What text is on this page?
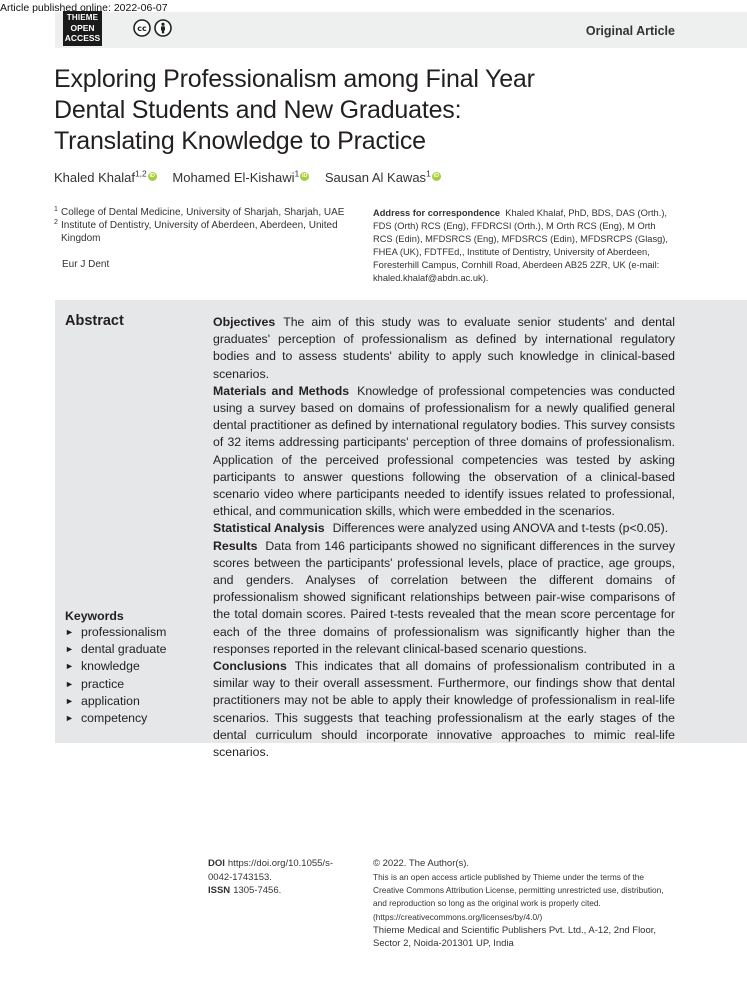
Article published online: 2022-06-07
THIEME
OPEN
ACCESS
cc	Original Article
Exploring Professionalism among Final Year
Dental Students and New Graduates:
Translating Knowledge to Practice
Khaled Khalaf$^{1,2}$ iD Mohamed El-Kishawi$^1$ iD Sausan Al Kawas$^1$ iD
1 College of Dental Medicine, University of Sharjah, Sharjah, UAE
2 Institute of Dentistry, University of Aberdeen, Aberdeen, United Kingdom
Eur J Dent
Address for correspondence Khaled Khalaf, PhD, BDS, DAS (Orth.), FDS (Orth) RCS (Eng), FFDRCSI (Orth.), M Orth RCS (Eng), M Orth RCS (Edin), MFDSRCS (Eng), MFDSRCS (Edin), MFDSRCPS (Glasg), FHEA (UK), FDTFEd,, Institute of Dentistry, University of Aberdeen, Foresterhill Campus, Cornhill Road, Aberdeen AB25 2ZR, UK (e-mail: khaled.khalaf@abdn.ac.uk).
Abstract	Objectives The aim of this study was to evaluate senior students' and dental graduates' perception of professionalism as defined by international regulatory bodies and to assess students' ability to apply such knowledge in clinical-based scenarios.

Materials and Methods Knowledge of professional competencies was conducted using a survey based on domains of professionalism for a newly qualified general dental practitioner as defined by international regulatory bodies. This survey consists of 32 items addressing participants' perception of three domains of professionalism. Application of the perceived professional competencies was tested by asking participants to answer questions following the observation of a clinical-based scenario video where participants needed to identify issues related to professional, ethical, and communication skills, which were embedded in the scenarios.

Statistical Analysis Differences were analyzed using ANOVA and t-tests (p<0.05).

Results Data from 146 participants showed no significant differences in the survey scores between the participants' professional levels, place of practice, age groups, and genders. Analyses of correlation between the different domains of professionalism showed significant relationships between pair-wise comparisons of the total domain scores. Paired t-tests revealed that the mean score percentage for each of the three domains of professionalism was significantly higher than the responses reported in the relevant clinical-based scenario questions.

Conclusions This indicates that all domains of professionalism contributed in a similar way to their overall assessment. Furthermore, our findings show that dental practitioners may not be able to apply their knowledge of professionalism in real-life scenarios. This suggests that teaching professionalism at the early stages of the dental curriculum should incorporate innovative approaches to mimic real-life scenarios.

Keywords
► professionalism
► dental graduate
► knowledge
► practice
► application
► competency
DOI https://doi.org/10.1055/s-0042-1743153.
ISSN 1305-7456.
© 2022. The Author(s).
This is an open access article published by Thieme under the terms of the Creative Commons Attribution License, permitting unrestricted use, distribution, and reproduction so long as the original work is properly cited. (https://creativecommons.org/licenses/by/4.0/)
Thieme Medical and Scientific Publishers Pvt. Ltd., A-12, 2nd Floor, Sector 2, Noida-201301 UP, India
